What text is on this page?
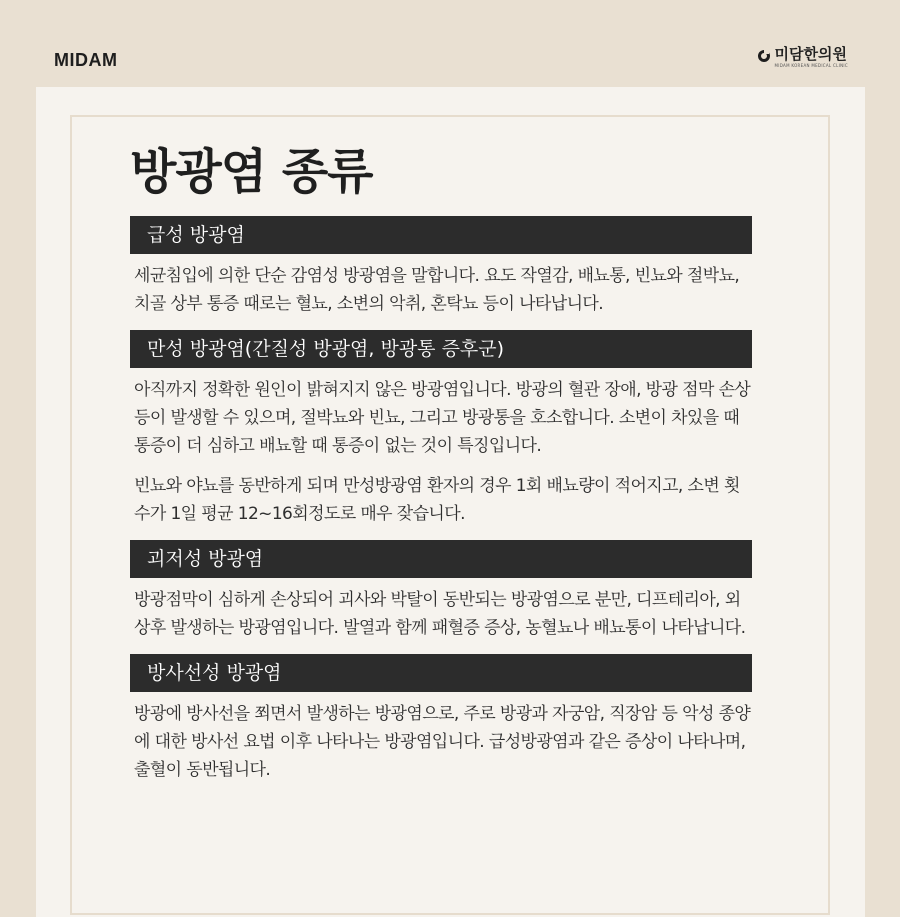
MIDAM	미담한의원
MIDAM KOREAN MEDICAL CLINIC
방광염 종류
급성 방광염

세균침입에 의한 단순 감염성 방광염을 말합니다. 요도 작열감, 배뇨통, 빈뇨와 절박뇨,치골 상부 통증 때로는 혈뇨, 소변의 악취, 혼탁뇨 등이 나타납니다.

만성 방광염(간질성 방광염, 방광통 증후군)

아직까지 정확한 원인이 밝혀지지 않은 방광염입니다. 방광의 혈관 장애, 방광 점막 손상 등이 발생할 수 있으며, 절박뇨와 빈뇨, 그리고 방광통을 호소합니다. 소변이 차있을 때 통증이 더 심하고 배뇨할 때 통증이 없는 것이 특징입니다.

빈뇨와 야뇨를 동반하게 되며 만성방광염 환자의 경우 1회 배뇨량이 적어지고, 소변 횟수가 1일 평균 12~16회정도로 매우 잦습니다.

괴저성 방광염

방광점막이 심하게 손상되어 괴사와 박탈이 동반되는 방광염으로 분만, 디프테리아, 외상후 발생하는 방광염입니다. 발열과 함께 패혈증 증상, 농혈뇨나 배뇨통이 나타납니다.

방사선성 방광염

방광에 방사선을 쬐면서 발생하는 방광염으로, 주로 방광과 자궁암, 직장암 등 악성 종양에 대한 방사선 요법 이후 나타나는 방광염입니다. 급성방광염과 같은 증상이 나타나며, 출혈이 동반됩니다.
